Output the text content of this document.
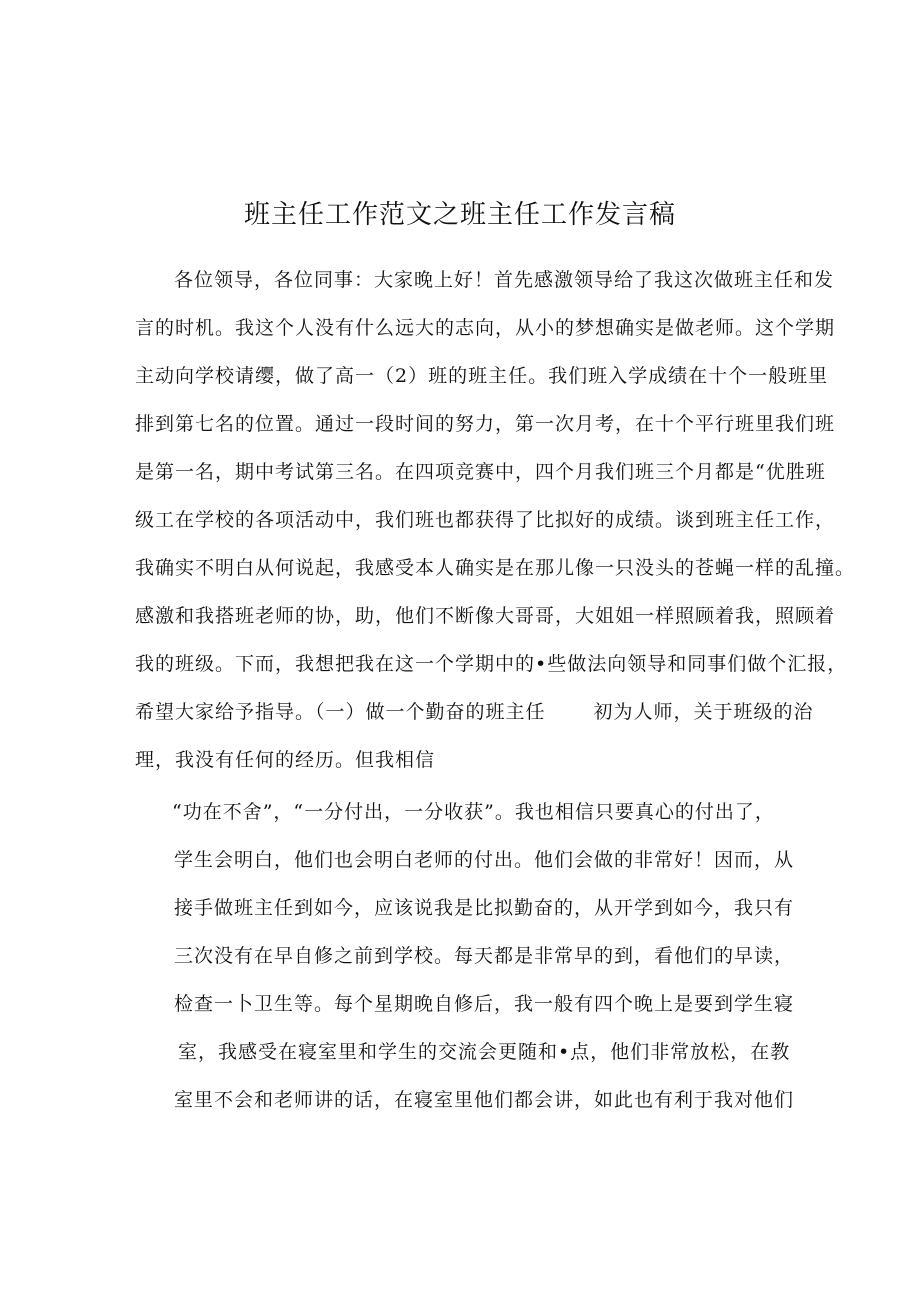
班主任工作范文之班主任工作发言稿
各位领导，各位同事：大家晚上好！首先感激领导给了我这次做班主任和发
言的时机。我这个人没有什么远大的志向，从小的梦想确实是做老师。这个学期
主动向学校请缨，做了高一（2）班的班主任。我们班入学成绩在十个一般班里
排到第七名的位置。通过一段时间的努力，第一次月考，在十个平行班里我们班
是第一名，期中考试第三名。在四项竞赛中，四个月我们班三个月都是“优胜班
级工在学校的各项活动中，我们班也都获得了比拟好的成绩。谈到班主任工作，
我确实不明白从何说起，我感受本人确实是在那儿像一只没头的苍蝇一样的乱撞。
感激和我搭班老师的协，助，他们不断像大哥哥，大姐姐一样照顾着我，照顾着
我的班级。下而，我想把我在这一个学期中的•些做法向领导和同事们做个汇报，
希望大家给予指导。（一）做一个勤奋的班主任	初为人师，关于班级的治
理，我没有任何的经历。但我相信
“功在不舍”，“一分付出，一分收获”。我也相信只要真心的付出了，
学生会明白，他们也会明白老师的付出。他们会做的非常好！因而，从
接手做班主任到如今，应该说我是比拟勤奋的，从开学到如今，我只有
三次没有在早自修之前到学校。每天都是非常早的到，看他们的早读，
检查一卜卫生等。每个星期晚自修后，我一般有四个晚上是要到学生寝
室，我感受在寝室里和学生的交流会更随和•点，他们非常放松，在教
室里不会和老师讲的话，在寝室里他们都会讲，如此也有利于我对他们
